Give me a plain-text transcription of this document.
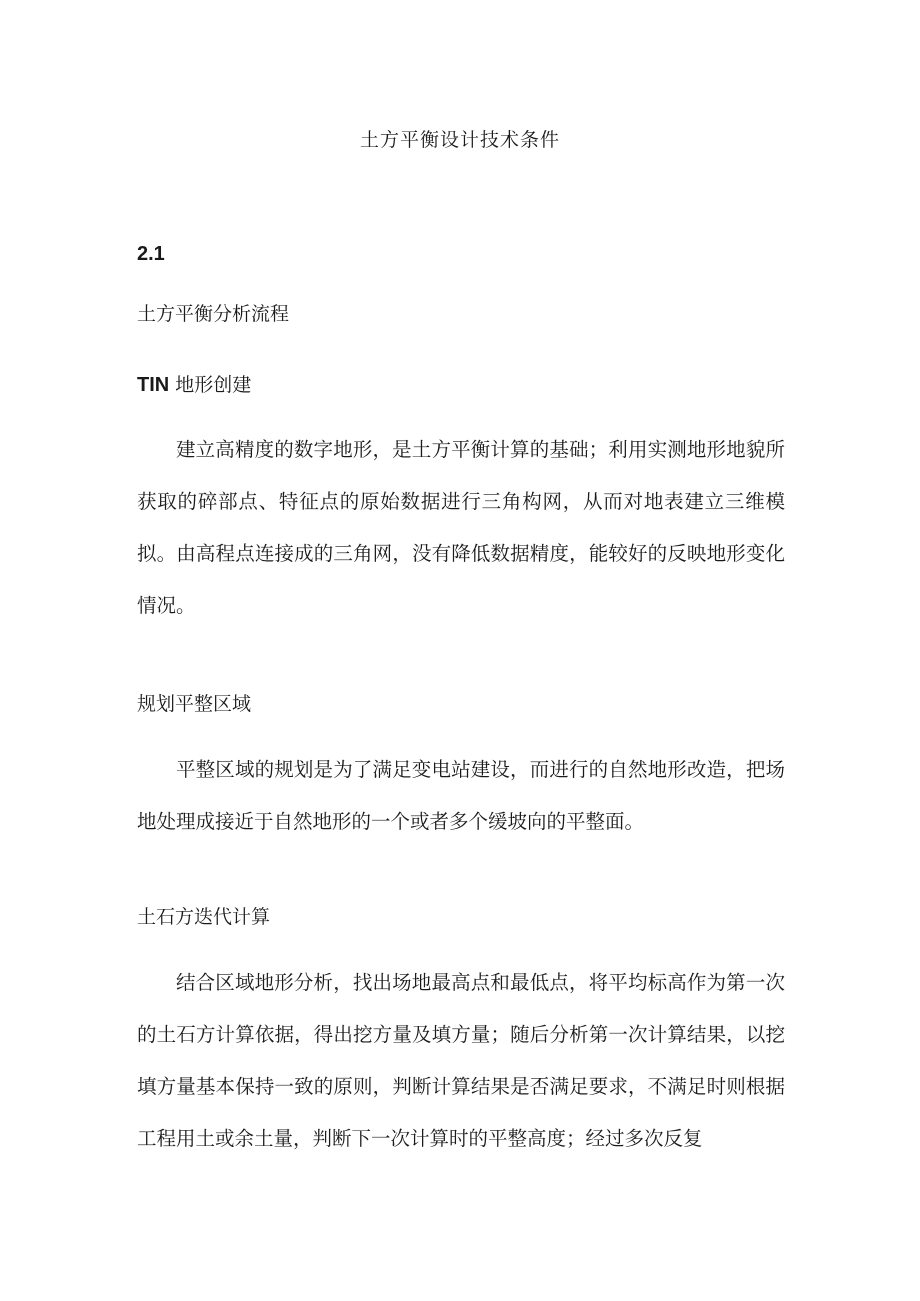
土方平衡设计技术条件
2.1
土方平衡分析流程
TIN 地形创建

建立高精度的数字地形，是土方平衡计算的基础；利用实测地形地貌所获取的碎部点、特征点的原始数据进行三角构网，从而对地表建立三维模拟。由高程点连接成的三角网，没有降低数据精度，能较好的反映地形变化情况。

规划平整区域

平整区域的规划是为了满足变电站建设，而进行的自然地形改造，把场地处理成接近于自然地形的一个或者多个缓坡向的平整面。

土石方迭代计算

结合区域地形分析，找出场地最高点和最低点，将平均标高作为第一次的土石方计算依据，得出挖方量及填方量；随后分析第一次计算结果，以挖填方量基本保持一致的原则，判断计算结果是否满足要求，不满足时则根据工程用土或余土量，判断下一次计算时的平整高度；经过多次反复
